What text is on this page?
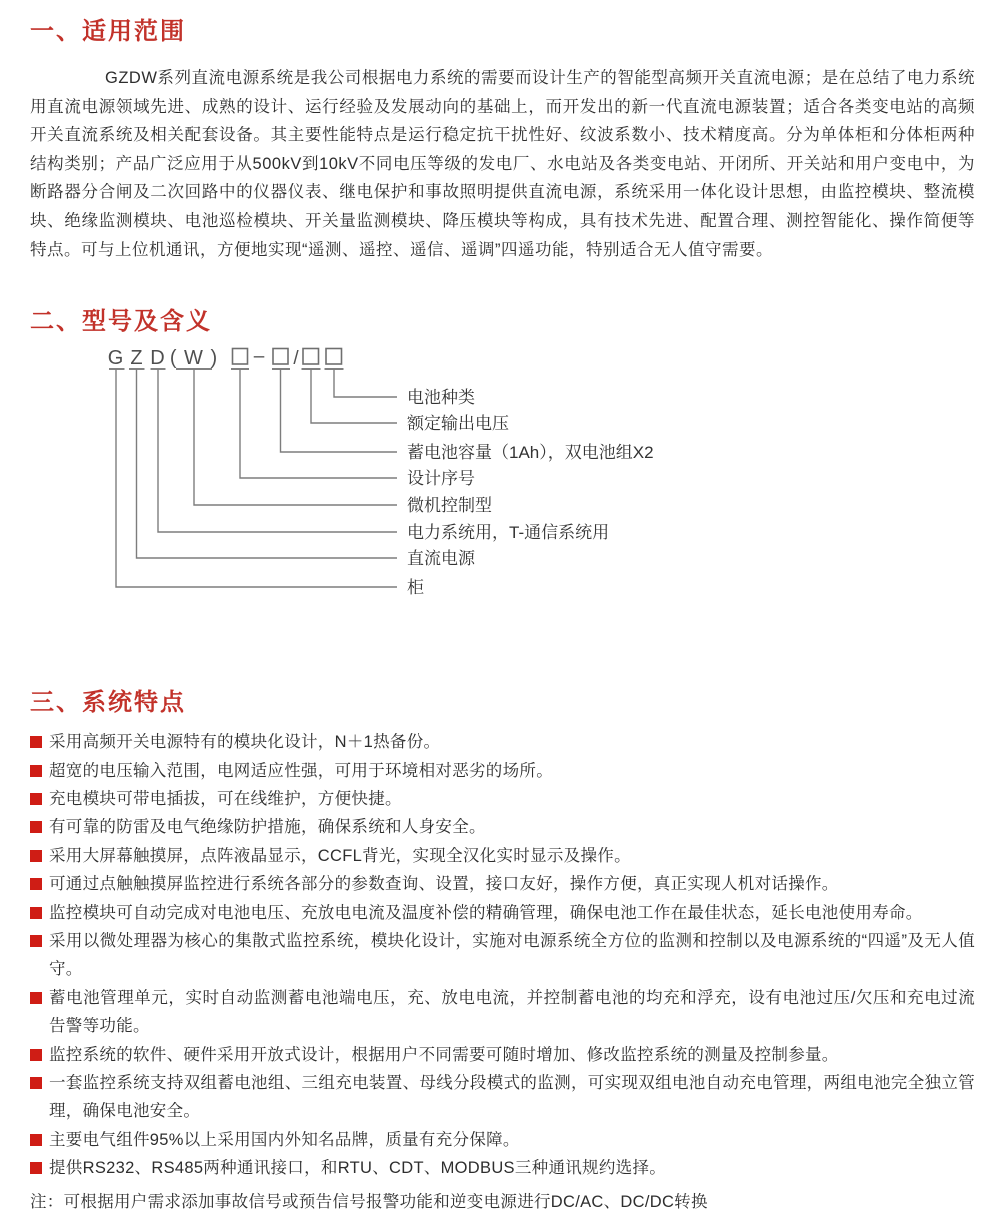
一、适用范围

GZDW系列直流电源系统是我公司根据电力系统的需要而设计生产的智能型高频开关直流电源；是在总结了电力系统用直流电源领域先进、成熟的设计、运行经验及发展动向的基础上，而开发出的新一代直流电源装置；适合各类变电站的高频开关直流系统及相关配套设备。其主要性能特点是运行稳定抗干扰性好、纹波系数小、技术精度高。分为单体柜和分体柜两种结构类别；产品广泛应用于从500kV到10kV不同电压等级的发电厂、水电站及各类变电站、开闭所、开关站和用户变电中，为断路器分合闸及二次回路中的仪器仪表、继电保护和事故照明提供直流电源，系统采用一体化设计思想，由监控模块、整流模块、绝缘监测模块、电池巡检模块、开关量监测模块、降压模块等构成，具有技术先进、配置合理、测控智能化、操作简便等特点。可与上位机通讯，方便地实现“遥测、遥控、遥信、遥调”四遥功能，特别适合无人值守需要。

二、型号及含义
G Z D ( W ) – /
电池种类
额定输出电压
蓄电池容量（1Ah），双电池组X2
设计序号
微机控制型
电力系统用，T-通信系统用
直流电源
柜
三、系统特点
采用高频开关电源特有的模块化设计，N＋1热备份。
超宽的电压输入范围，电网适应性强，可用于环境相对恶劣的场所。
充电模块可带电插拔，可在线维护，方便快捷。
有可靠的防雷及电气绝缘防护措施，确保系统和人身安全。
采用大屏幕触摸屏，点阵液晶显示，CCFL背光，实现全汉化实时显示及操作。
可通过点触触摸屏监控进行系统各部分的参数查询、设置，接口友好，操作方便，真正实现人机对话操作。
监控模块可自动完成对电池电压、充放电电流及温度补偿的精确管理，确保电池工作在最佳状态，延长电池使用寿命。
采用以微处理器为核心的集散式监控系统，模块化设计，实施对电源系统全方位的监测和控制以及电源系统的“四遥”及无人值守。
蓄电池管理单元，实时自动监测蓄电池端电压，充、放电电流，并控制蓄电池的均充和浮充，设有电池过压/欠压和充电过流告警等功能。
监控系统的软件、硬件采用开放式设计，根据用户不同需要可随时增加、修改监控系统的测量及控制参量。
一套监控系统支持双组蓄电池组、三组充电装置、母线分段模式的监测，可实现双组电池自动充电管理，两组电池完全独立管理，确保电池安全。
主要电气组件95%以上采用国内外知名品牌，质量有充分保障。
提供RS232、RS485两种通讯接口，和RTU、CDT、MODBUS三种通讯规约选择。

注：可根据用户需求添加事故信号或预告信号报警功能和逆变电源进行DC/AC、DC/DC转换
